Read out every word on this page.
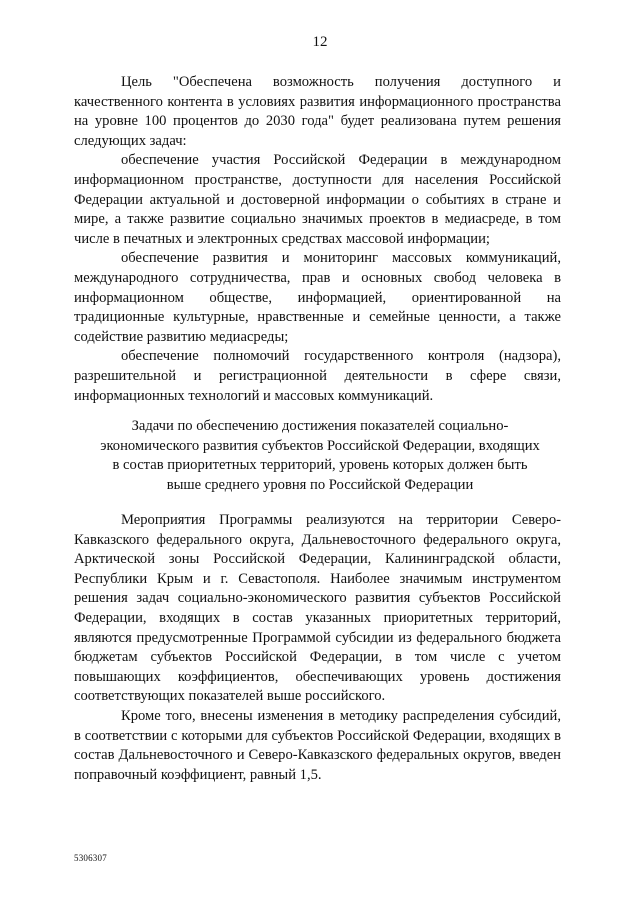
12

Цель "Обеспечена возможность получения доступного и качественного контента в условиях развития информационного пространства на уровне 100 процентов до 2030 года" будет реализована путем решения следующих задач:

обеспечение участия Российской Федерации в международном информационном пространстве, доступности для населения Российской Федерации актуальной и достоверной информации о событиях в стране и мире, а также развитие социально значимых проектов в медиасреде, в том числе в печатных и электронных средствах массовой информации;

обеспечение развития и мониторинг массовых коммуникаций, международного сотрудничества, прав и основных свобод человека в информационном обществе, информацией, ориентированной на традиционные культурные, нравственные и семейные ценности, а также содействие развитию медиасреды;

обеспечение полномочий государственного контроля (надзора), разрешительной и регистрационной деятельности в сфере связи, информационных технологий и массовых коммуникаций.

Задачи по обеспечению достижения показателей социально-экономического развития субъектов Российской Федерации, входящих в состав приоритетных территорий, уровень которых должен быть выше среднего уровня по Российской Федерации

Мероприятия Программы реализуются на территории Северо-Кавказского федерального округа, Дальневосточного федерального округа, Арктической зоны Российской Федерации, Калининградской области, Республики Крым и г. Севастополя. Наиболее значимым инструментом решения задач социально-экономического развития субъектов Российской Федерации, входящих в состав указанных приоритетных территорий, являются предусмотренные Программой субсидии из федерального бюджета бюджетам субъектов Российской Федерации, в том числе с учетом повышающих коэффициентов, обеспечивающих уровень достижения соответствующих показателей выше российского.

Кроме того, внесены изменения в методику распределения субсидий, в соответствии с которыми для субъектов Российской Федерации, входящих в состав Дальневосточного и Северо-Кавказского федеральных округов, введен поправочный коэффициент, равный 1,5.

5306307
